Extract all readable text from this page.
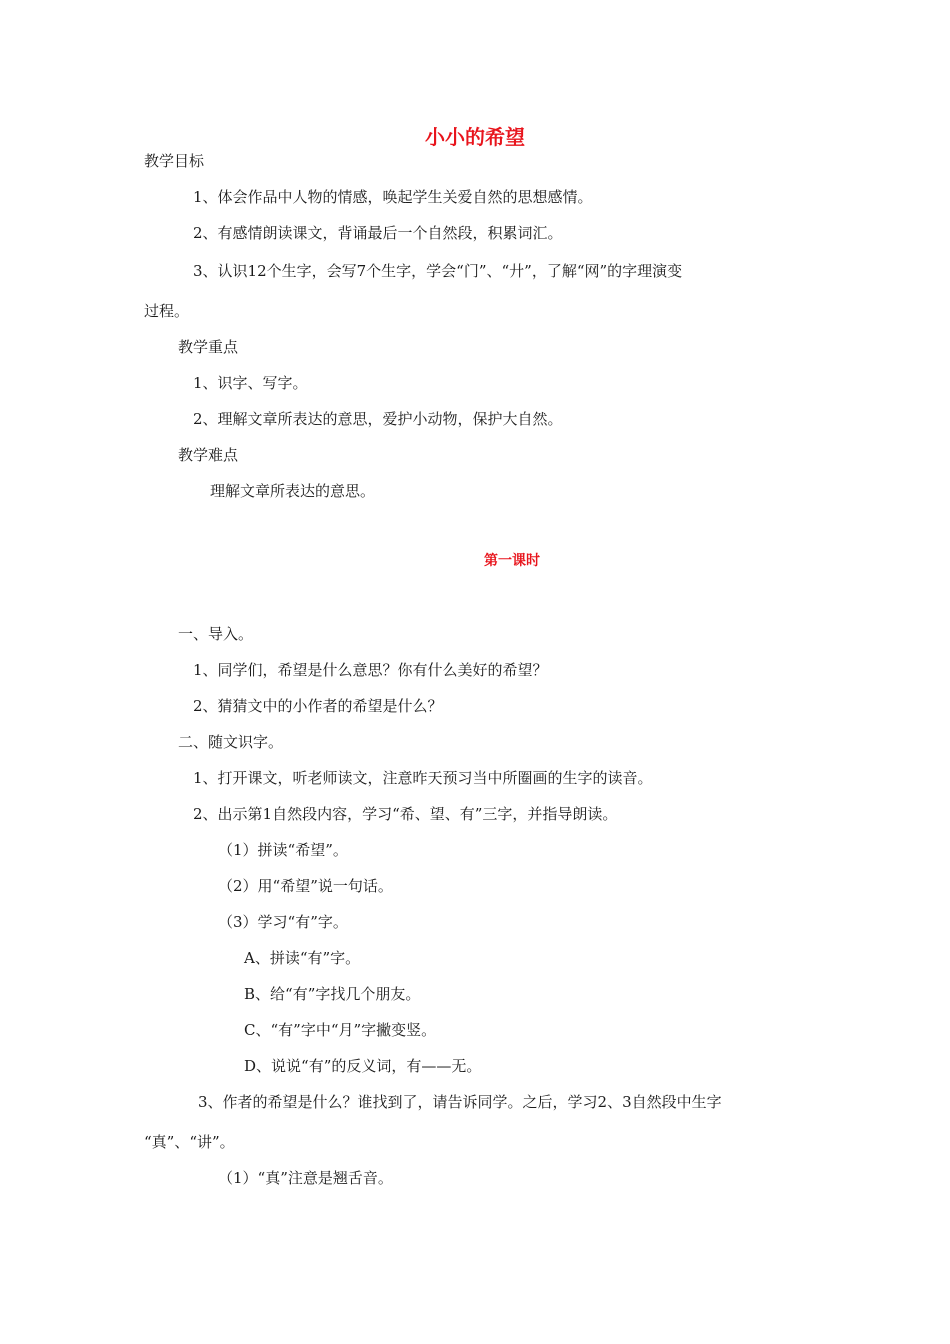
小小的希望
教学目标
1、体会作品中人物的情感，唤起学生关爱自然的思想感情。
2、有感情朗读课文，背诵最后一个自然段，积累词汇。
3、认识12个生字，会写7个生字，学会“门”、“廾”，了解“网”的字理演变
过程。
教学重点
1、识字、写字。
2、理解文章所表达的意思，爱护小动物，保护大自然。
教学难点
理解文章所表达的意思。
第一课时
一、导入。
1、同学们，希望是什么意思？你有什么美好的希望？
2、猜猜文中的小作者的希望是什么？
二、随文识字。
1、打开课文，听老师读文，注意昨天预习当中所圈画的生字的读音。
2、出示第1自然段内容，学习“希、望、有”三字，并指导朗读。
（1）拼读“希望”。
（2）用“希望”说一句话。
（3）学习“有”字。
A、拼读“有”字。
B、给“有”字找几个朋友。
C、“有”字中“月”字撇变竖。
D、说说“有”的反义词，有——无。
3、作者的希望是什么？谁找到了，请告诉同学。之后，学习2、3自然段中生字
“真”、“讲”。
（1）“真”注意是翘舌音。
